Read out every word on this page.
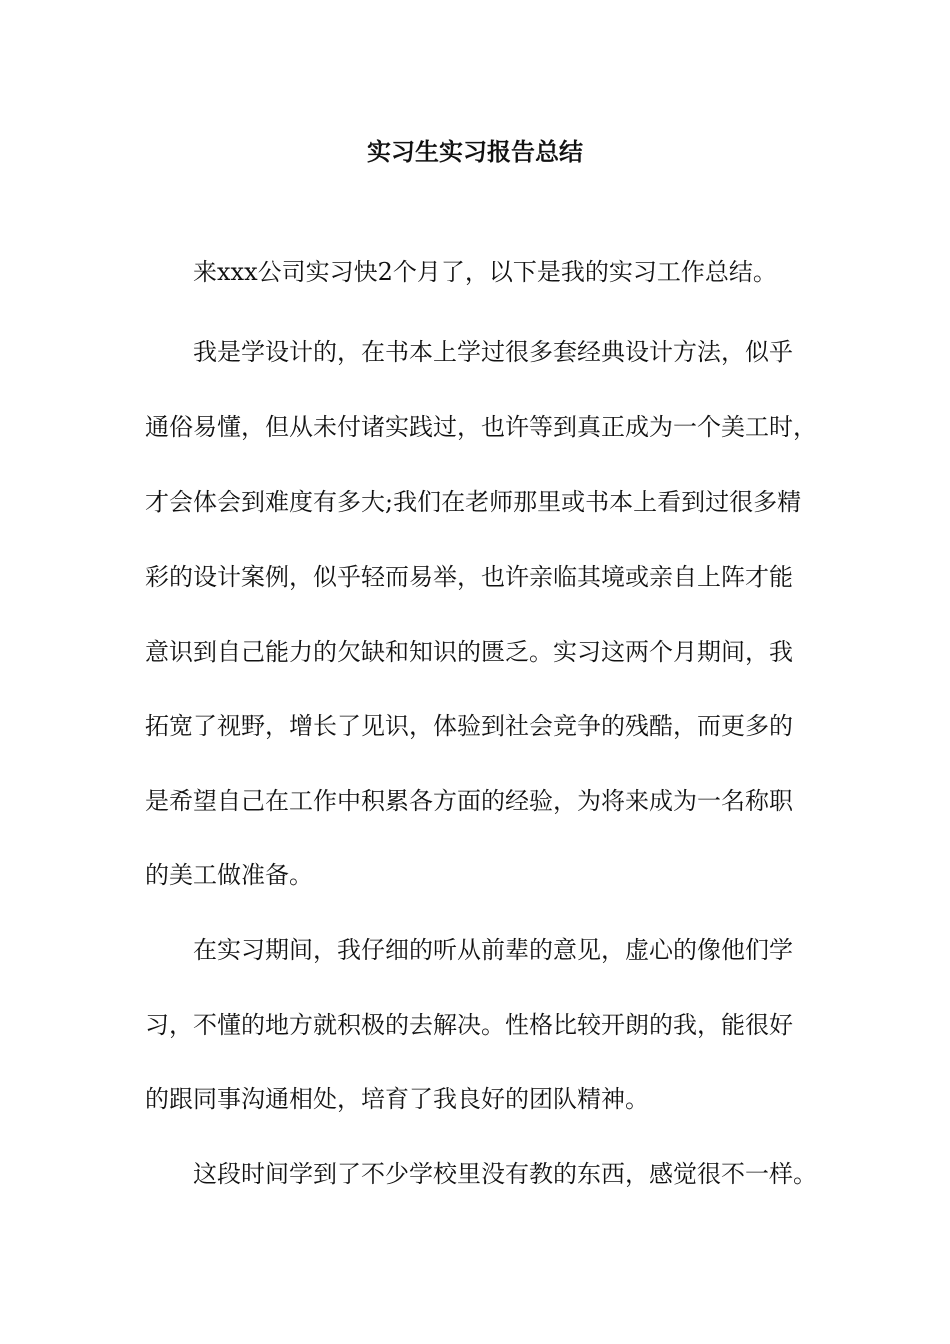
实习生实习报告总结
来xxx公司实习快2个月了，以下是我的实习工作总结。
我是学设计的，在书本上学过很多套经典设计方法，似乎
通俗易懂，但从未付诸实践过，也许等到真正成为一个美工时，
才会体会到难度有多大;我们在老师那里或书本上看到过很多精
彩的设计案例，似乎轻而易举，也许亲临其境或亲自上阵才能
意识到自己能力的欠缺和知识的匮乏。实习这两个月期间，我
拓宽了视野，增长了见识，体验到社会竞争的残酷，而更多的
是希望自己在工作中积累各方面的经验，为将来成为一名称职
的美工做准备。
在实习期间，我仔细的听从前辈的意见，虚心的像他们学
习，不懂的地方就积极的去解决。性格比较开朗的我，能很好
的跟同事沟通相处，培育了我良好的团队精神。
这段时间学到了不少学校里没有教的东西，感觉很不一样。
